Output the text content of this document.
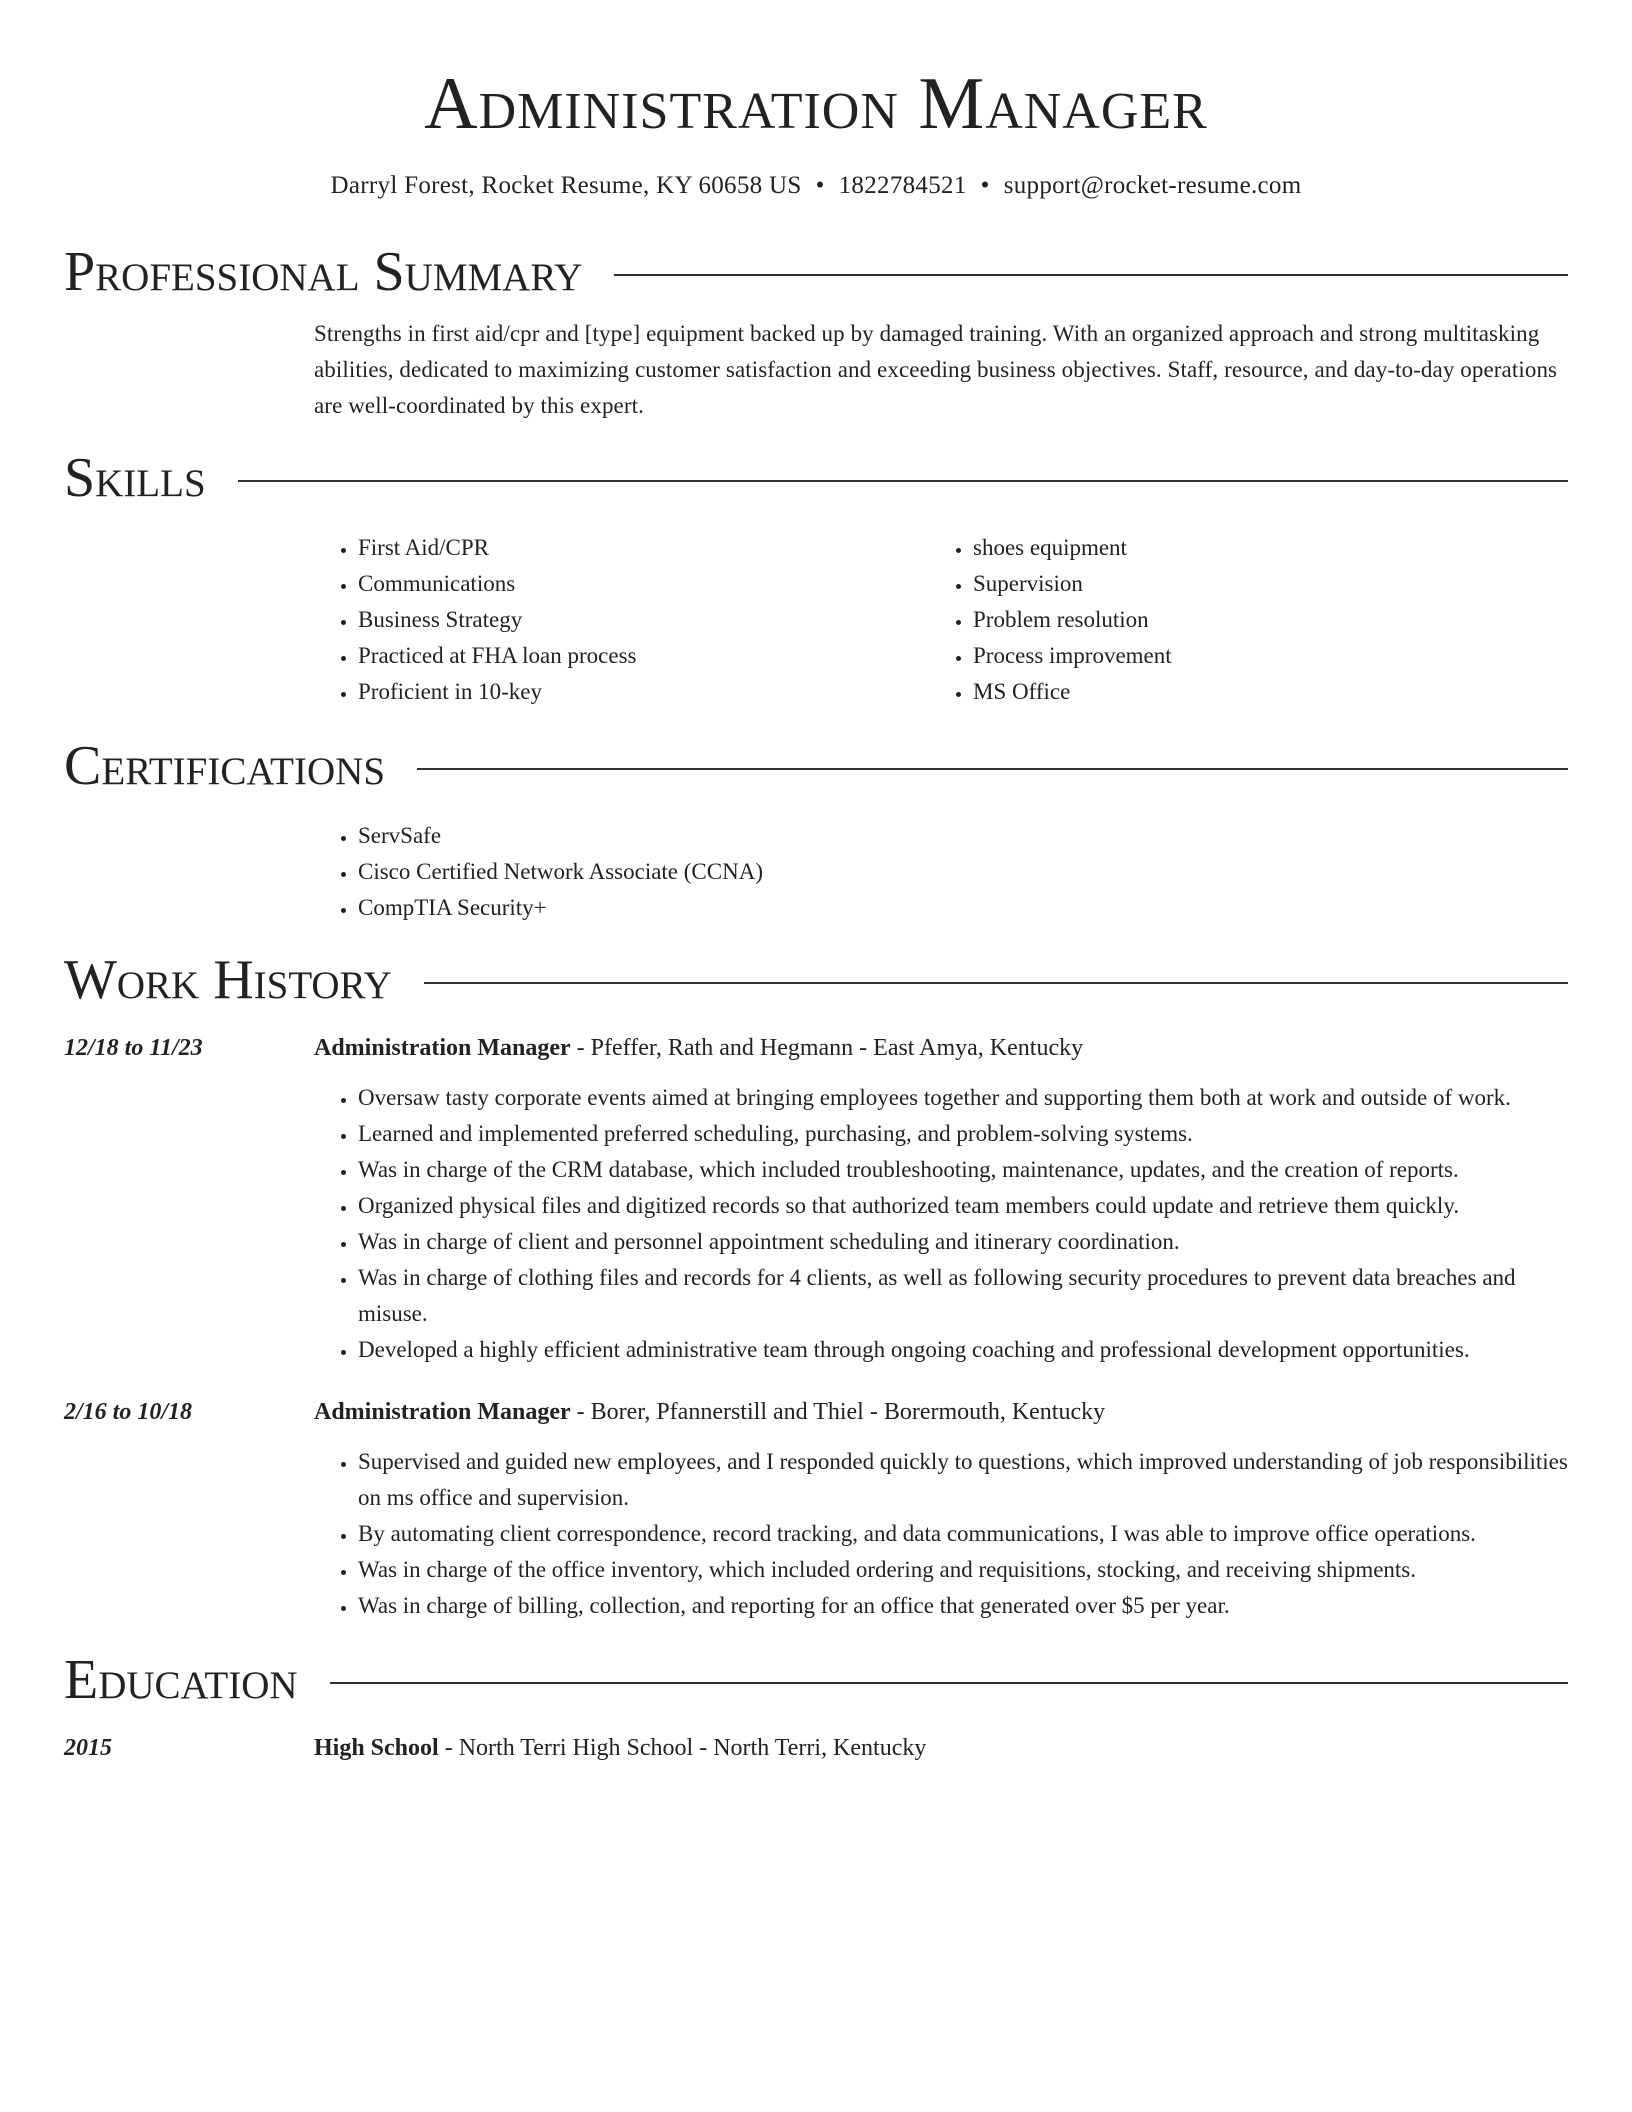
Administration Manager
Darryl Forest, Rocket Resume, KY 60658 US • 1822784521 • support@rocket-resume.com
Professional Summary

Strengths in first aid/cpr and [type] equipment backed up by damaged training. With an organized approach and strong multitasking abilities, dedicated to maximizing customer satisfaction and exceeding business objectives. Staff, resource, and day-to-day operations are well-coordinated by this expert.

Skills
• First Aid/CPR
• Communications
• Business Strategy
• Practiced at FHA loan process
• Proficient in 10-key
• shoes equipment
• Supervision
• Problem resolution
• Process improvement
• MS Office
Certifications
• ServSafe
• Cisco Certified Network Associate (CCNA)
• CompTIA Security+
Work History
12/18 to 11/23	Administration Manager - Pfeffer, Rath and Hegmann - East Amya, Kentucky
• Oversaw tasty corporate events aimed at bringing employees together and supporting them both at work and outside of work.
• Learned and implemented preferred scheduling, purchasing, and problem-solving systems.
• Was in charge of the CRM database, which included troubleshooting, maintenance, updates, and the creation of reports.
• Organized physical files and digitized records so that authorized team members could update and retrieve them quickly.
• Was in charge of client and personnel appointment scheduling and itinerary coordination.
• Was in charge of clothing files and records for 4 clients, as well as following security procedures to prevent data breaches and misuse.
• Developed a highly efficient administrative team through ongoing coaching and professional development opportunities.
2/16 to 10/18	Administration Manager - Borer, Pfannerstill and Thiel - Borermouth, Kentucky
• Supervised and guided new employees, and I responded quickly to questions, which improved understanding of job responsibilities on ms office and supervision.
• By automating client correspondence, record tracking, and data communications, I was able to improve office operations.
• Was in charge of the office inventory, which included ordering and requisitions, stocking, and receiving shipments.
• Was in charge of billing, collection, and reporting for an office that generated over $5 per year.
Education
2015	High School - North Terri High School - North Terri, Kentucky
